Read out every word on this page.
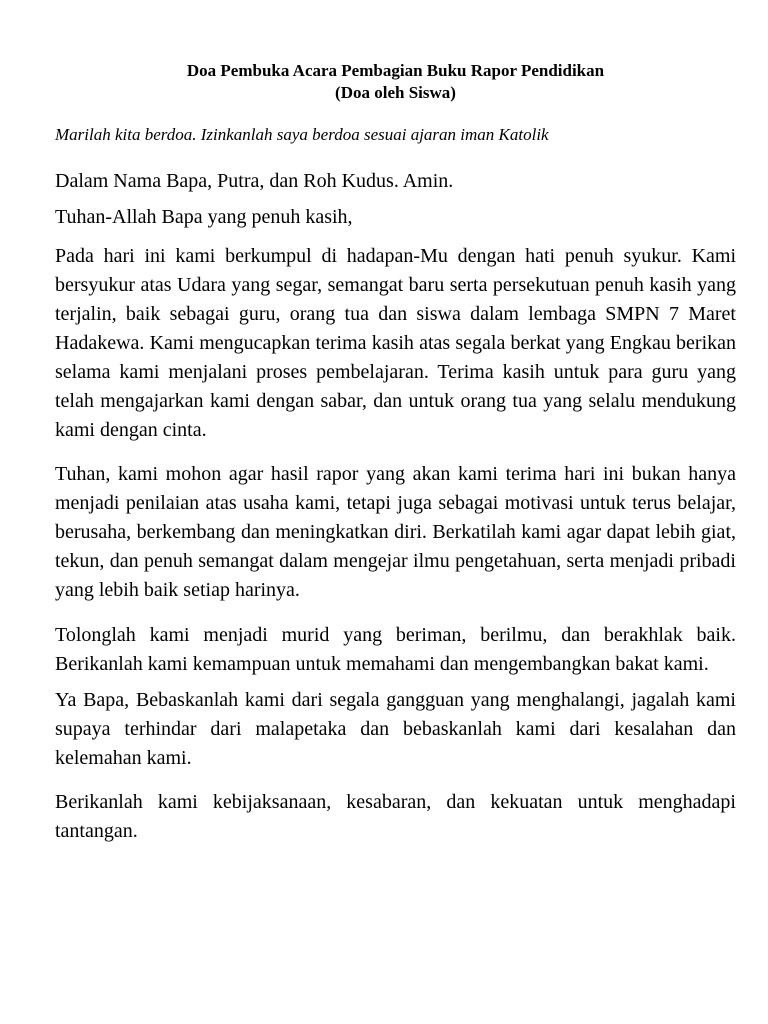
Doa Pembuka Acara Pembagian Buku Rapor Pendidikan
(Doa oleh Siswa)

Marilah kita berdoa. Izinkanlah saya berdoa sesuai ajaran iman Katolik

Dalam Nama Bapa, Putra, dan Roh Kudus. Amin.

Tuhan-Allah Bapa yang penuh kasih,

Pada hari ini kami berkumpul di hadapan-Mu dengan hati penuh syukur. Kami bersyukur atas Udara yang segar, semangat baru serta persekutuan penuh kasih yang terjalin, baik sebagai guru, orang tua dan siswa dalam lembaga SMPN 7 Maret Hadakewa. Kami mengucapkan terima kasih atas segala berkat yang Engkau berikan selama kami menjalani proses pembelajaran. Terima kasih untuk para guru yang telah mengajarkan kami dengan sabar, dan untuk orang tua yang selalu mendukung kami dengan cinta.

Tuhan, kami mohon agar hasil rapor yang akan kami terima hari ini bukan hanya menjadi penilaian atas usaha kami, tetapi juga sebagai motivasi untuk terus belajar, berusaha, berkembang dan meningkatkan diri. Berkatilah kami agar dapat lebih giat, tekun, dan penuh semangat dalam mengejar ilmu pengetahuan, serta menjadi pribadi yang lebih baik setiap harinya.

Tolonglah kami menjadi murid yang beriman, berilmu, dan berakhlak baik. Berikanlah kami kemampuan untuk memahami dan mengembangkan bakat kami.

Ya Bapa, Bebaskanlah kami dari segala gangguan yang menghalangi, jagalah kami supaya terhindar dari malapetaka dan bebaskanlah kami dari kesalahan dan kelemahan kami.

Berikanlah kami kebijaksanaan, kesabaran, dan kekuatan untuk menghadapi tantangan.
